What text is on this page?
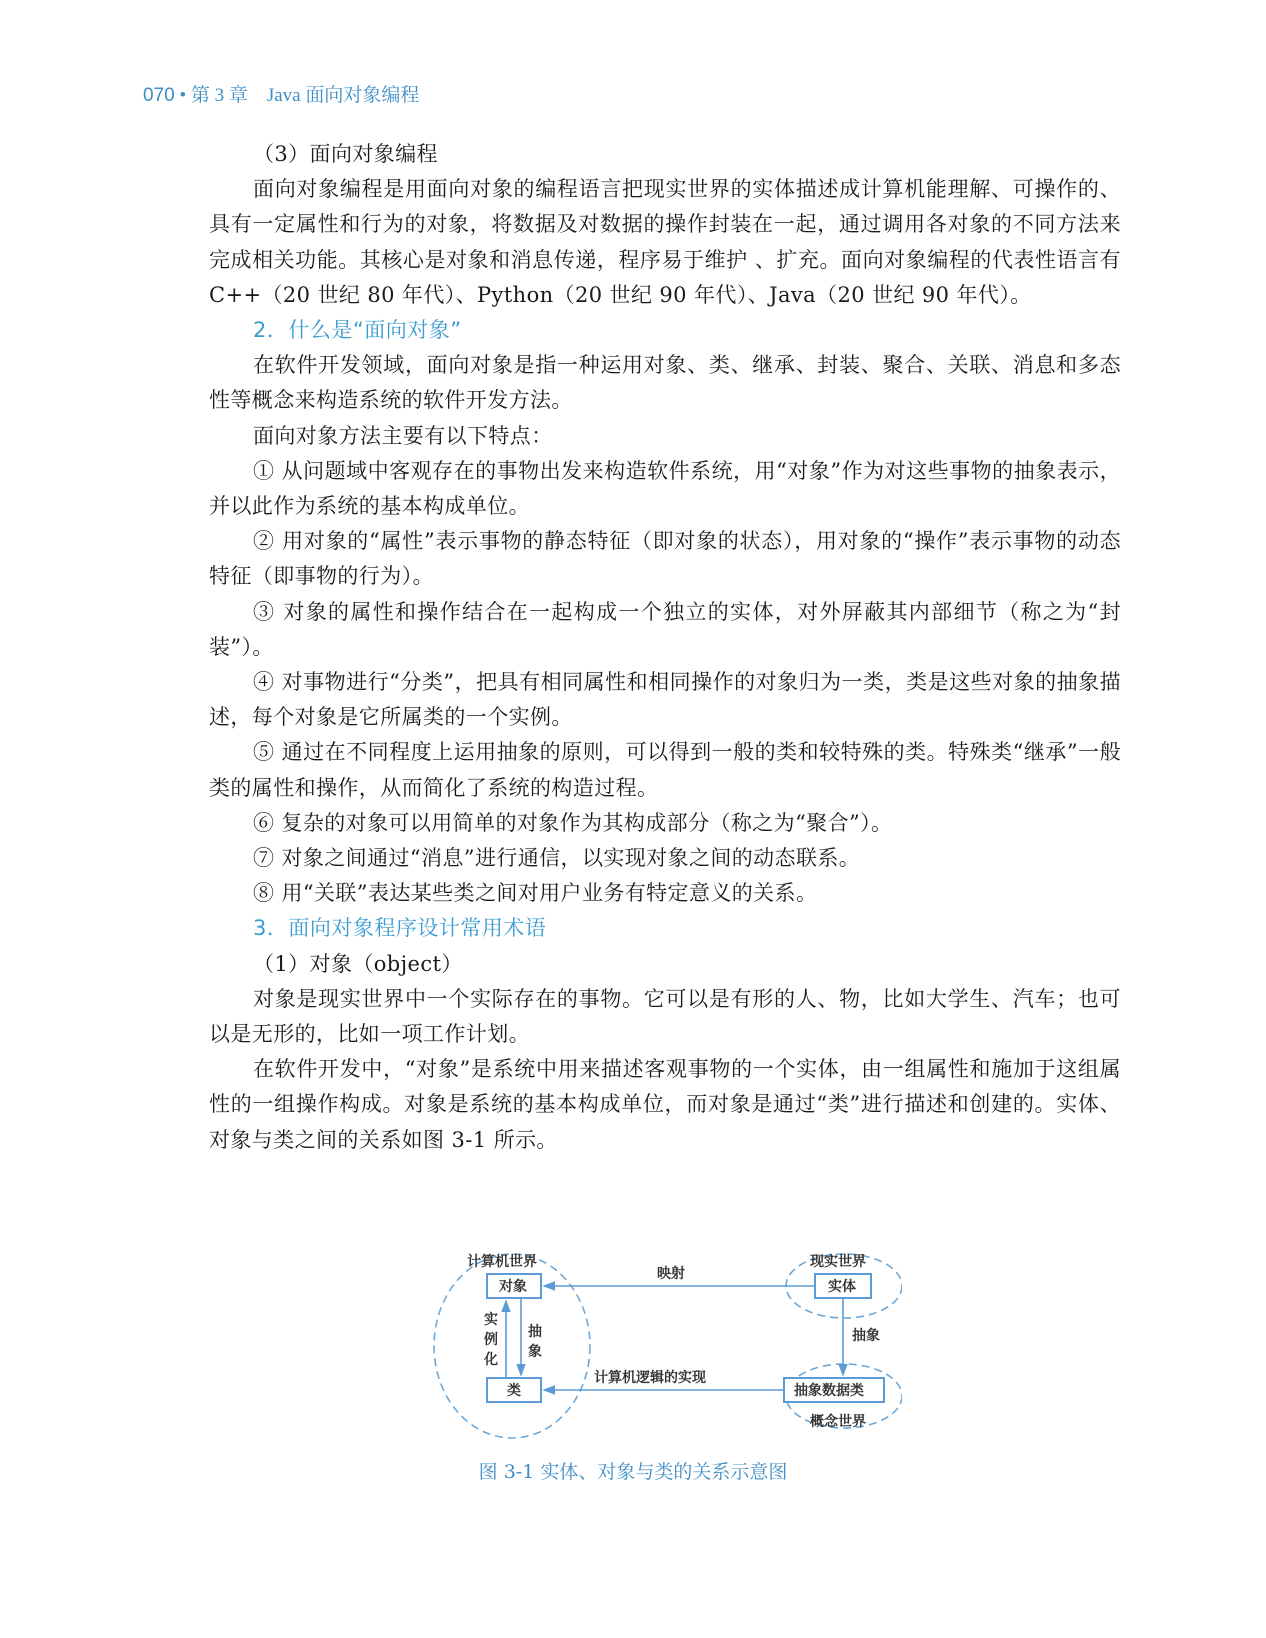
070 • 第 3 章    Java 面向对象编程

（3）面向对象编程

面向对象编程是用面向对象的编程语言把现实世界的实体描述成计算机能理解、可操作的、具有一定属性和行为的对象，将数据及对数据的操作封装在一起，通过调用各对象的不同方法来完成相关功能。其核心是对象和消息传递，程序易于维护 、扩充。面向对象编程的代表性语言有 C++（20 世纪 80 年代）、Python（20 世纪 90 年代）、Java（20 世纪 90 年代）。

2．什么是“面向对象”

在软件开发领域，面向对象是指一种运用对象、类、继承、封装、聚合、关联、消息和多态性等概念来构造系统的软件开发方法。

面向对象方法主要有以下特点：

① 从问题域中客观存在的事物出发来构造软件系统，用“对象”作为对这些事物的抽象表示，并以此作为系统的基本构成单位。

② 用对象的“属性”表示事物的静态特征（即对象的状态），用对象的“操作”表示事物的动态特征（即事物的行为）。

③ 对象的属性和操作结合在一起构成一个独立的实体，对外屏蔽其内部细节（称之为“封装”）。

④ 对事物进行“分类”，把具有相同属性和相同操作的对象归为一类，类是这些对象的抽象描述，每个对象是它所属类的一个实例。

⑤ 通过在不同程度上运用抽象的原则，可以得到一般的类和较特殊的类。特殊类“继承”一般类的属性和操作，从而简化了系统的构造过程。

⑥ 复杂的对象可以用简单的对象作为其构成部分（称之为“聚合”）。

⑦ 对象之间通过“消息”进行通信，以实现对象之间的动态联系。

⑧ 用“关联”表达某些类之间对用户业务有特定意义的关系。

3．面向对象程序设计常用术语

（1）对象（object）

对象是现实世界中一个实际存在的事物。它可以是有形的人、物，比如大学生、汽车；也可以是无形的，比如一项工作计划。

在软件开发中，“对象”是系统中用来描述客观事物的一个实体，由一组属性和施加于这组属性的一组操作构成。对象是系统的基本构成单位，而对象是通过“类”进行描述和创建的。实体、对象与类之间的关系如图 3-1 所示。

计算机世界	现实世界
概念世界
对象	实体
类	抽象数据类
映射
抽象
计算机逻辑的实现
实
例
化
抽
象
图 3-1 实体、对象与类的关系示意图
